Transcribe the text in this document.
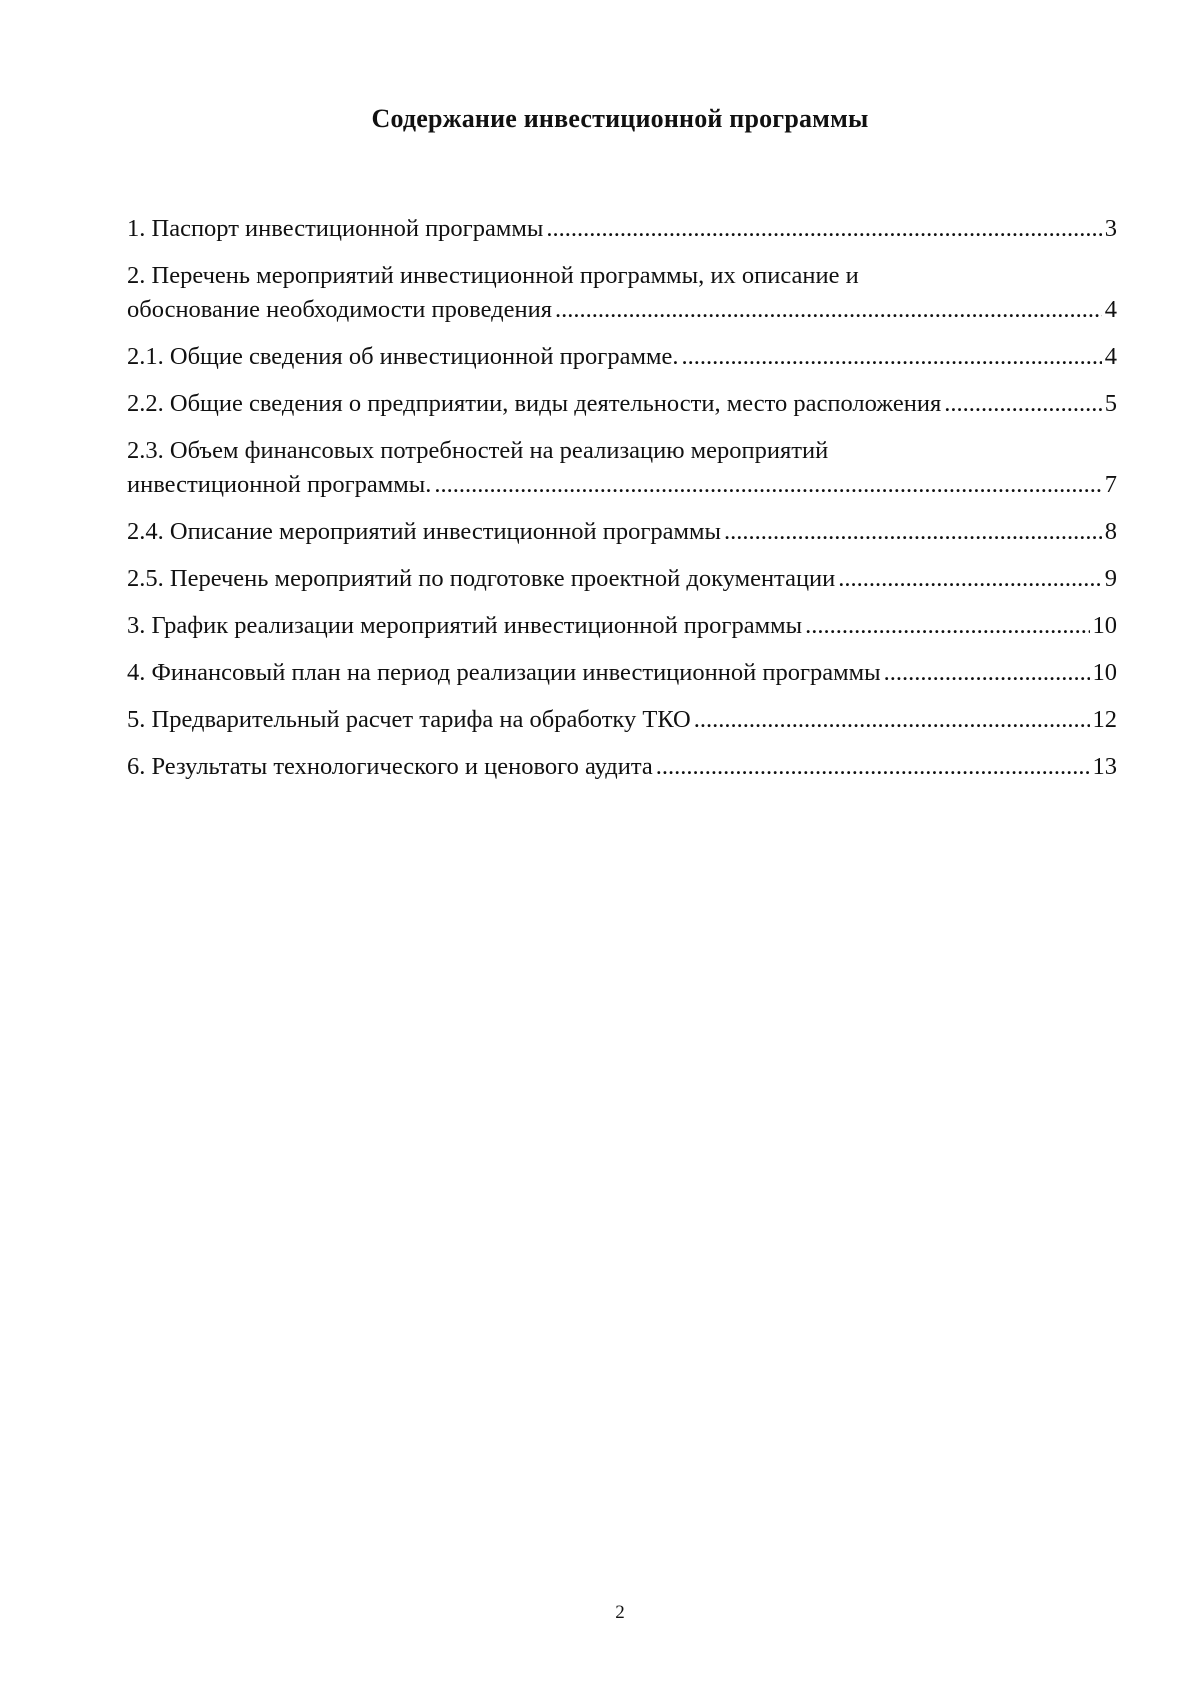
Содержание инвестиционной программы
1. Паспорт инвестиционной программы .....	3
2. Перечень мероприятий инвестиционной программы, их описание и
обоснование необходимости проведения .....	4
2.1. Общие сведения об инвестиционной программе. .....	4
2.2. Общие сведения о предприятии, виды деятельности, место расположения .....	5
2.3. Объем финансовых потребностей на реализацию мероприятий
инвестиционной программы. .....	7
2.4. Описание мероприятий инвестиционной программы .....	8
2.5. Перечень мероприятий по подготовке проектной документации .....	9
3. График реализации мероприятий инвестиционной программы .....	10
4. Финансовый план на период реализации инвестиционной программы .....	10
5. Предварительный расчет тарифа на обработку ТКО .....	12
6. Результаты технологического и ценового аудита .....	13
2
